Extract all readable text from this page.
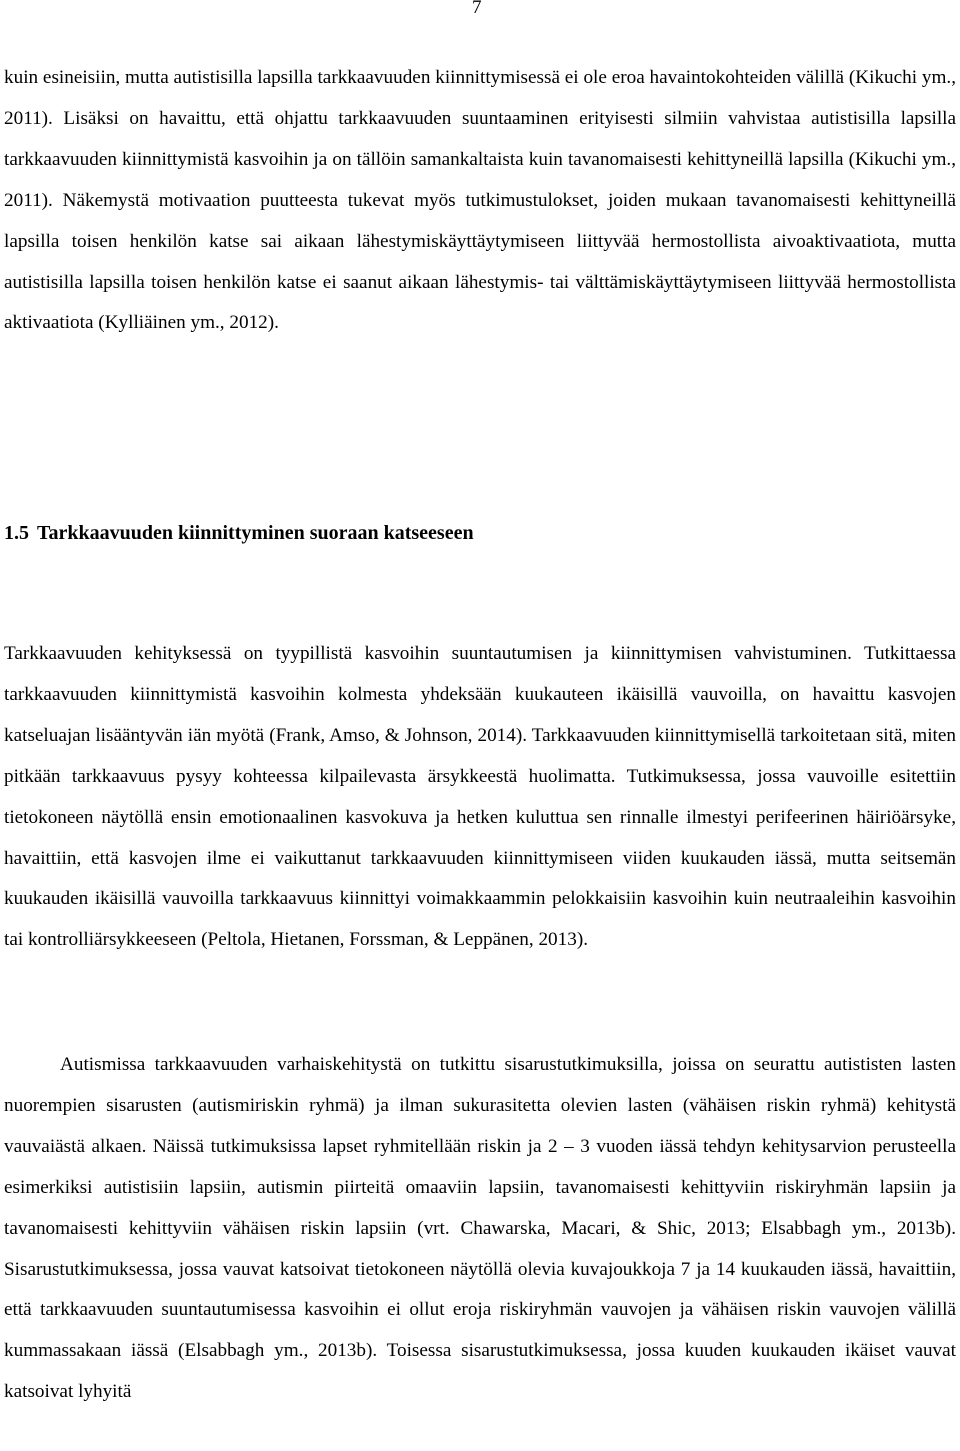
7

kuin esineisiin, mutta autistisilla lapsilla tarkkaavuuden kiinnittymisessä ei ole eroa havaintokohteiden välillä (Kikuchi ym., 2011). Lisäksi on havaittu, että ohjattu tarkkaavuuden suuntaaminen erityisesti silmiin vahvistaa autistisilla lapsilla tarkkaavuuden kiinnittymistä kasvoihin ja on tällöin samankaltaista kuin tavanomaisesti kehittyneillä lapsilla (Kikuchi ym., 2011). Näkemystä motivaation puutteesta tukevat myös tutkimustulokset, joiden mukaan tavanomaisesti kehittyneillä lapsilla toisen henkilön katse sai aikaan lähestymiskäyttäytymiseen liittyvää hermostollista aivoaktivaatiota, mutta autistisilla lapsilla toisen henkilön katse ei saanut aikaan lähestymis- tai välttämiskäyttäytymiseen liittyvää hermostollista aktivaatiota (Kylliäinen ym., 2012).

1.5 Tarkkaavuuden kiinnittyminen suoraan katseeseen

Tarkkaavuuden kehityksessä on tyypillistä kasvoihin suuntautumisen ja kiinnittymisen vahvistuminen. Tutkittaessa tarkkaavuuden kiinnittymistä kasvoihin kolmesta yhdeksään kuukauteen ikäisillä vauvoilla, on havaittu kasvojen katseluajan lisääntyvän iän myötä (Frank, Amso, & Johnson, 2014). Tarkkaavuuden kiinnittymisellä tarkoitetaan sitä, miten pitkään tarkkaavuus pysyy kohteessa kilpailevasta ärsykkeestä huolimatta. Tutkimuksessa, jossa vauvoille esitettiin tietokoneen näytöllä ensin emotionaalinen kasvokuva ja hetken kuluttua sen rinnalle ilmestyi perifeerinen häiriöärsyke, havaittiin, että kasvojen ilme ei vaikuttanut tarkkaavuuden kiinnittymiseen viiden kuukauden iässä, mutta seitsemän kuukauden ikäisillä vauvoilla tarkkaavuus kiinnittyi voimakkaammin pelokkaisiin kasvoihin kuin neutraaleihin kasvoihin tai kontrolliärsykkeeseen (Peltola, Hietanen, Forssman, & Leppänen, 2013).

Autismissa tarkkaavuuden varhaiskehitystä on tutkittu sisarustutkimuksilla, joissa on seurattu autististen lasten nuorempien sisarusten (autismiriskin ryhmä) ja ilman sukurasitetta olevien lasten (vähäisen riskin ryhmä) kehitystä vauvaiästä alkaen. Näissä tutkimuksissa lapset ryhmitellään riskin ja 2 – 3 vuoden iässä tehdyn kehitysarvion perusteella esimerkiksi autistisiin lapsiin, autismin piirteitä omaaviin lapsiin, tavanomaisesti kehittyviin riskiryhmän lapsiin ja tavanomaisesti kehittyviin vähäisen riskin lapsiin (vrt. Chawarska, Macari, & Shic, 2013; Elsabbagh ym., 2013b). Sisarustutkimuksessa, jossa vauvat katsoivat tietokoneen näytöllä olevia kuvajoukkoja 7 ja 14 kuukauden iässä, havaittiin, että tarkkaavuuden suuntautumisessa kasvoihin ei ollut eroja riskiryhmän vauvojen ja vähäisen riskin vauvojen välillä kummassakaan iässä (Elsabbagh ym., 2013b). Toisessa sisarustutkimuksessa, jossa kuuden kuukauden ikäiset vauvat katsoivat lyhyitä
